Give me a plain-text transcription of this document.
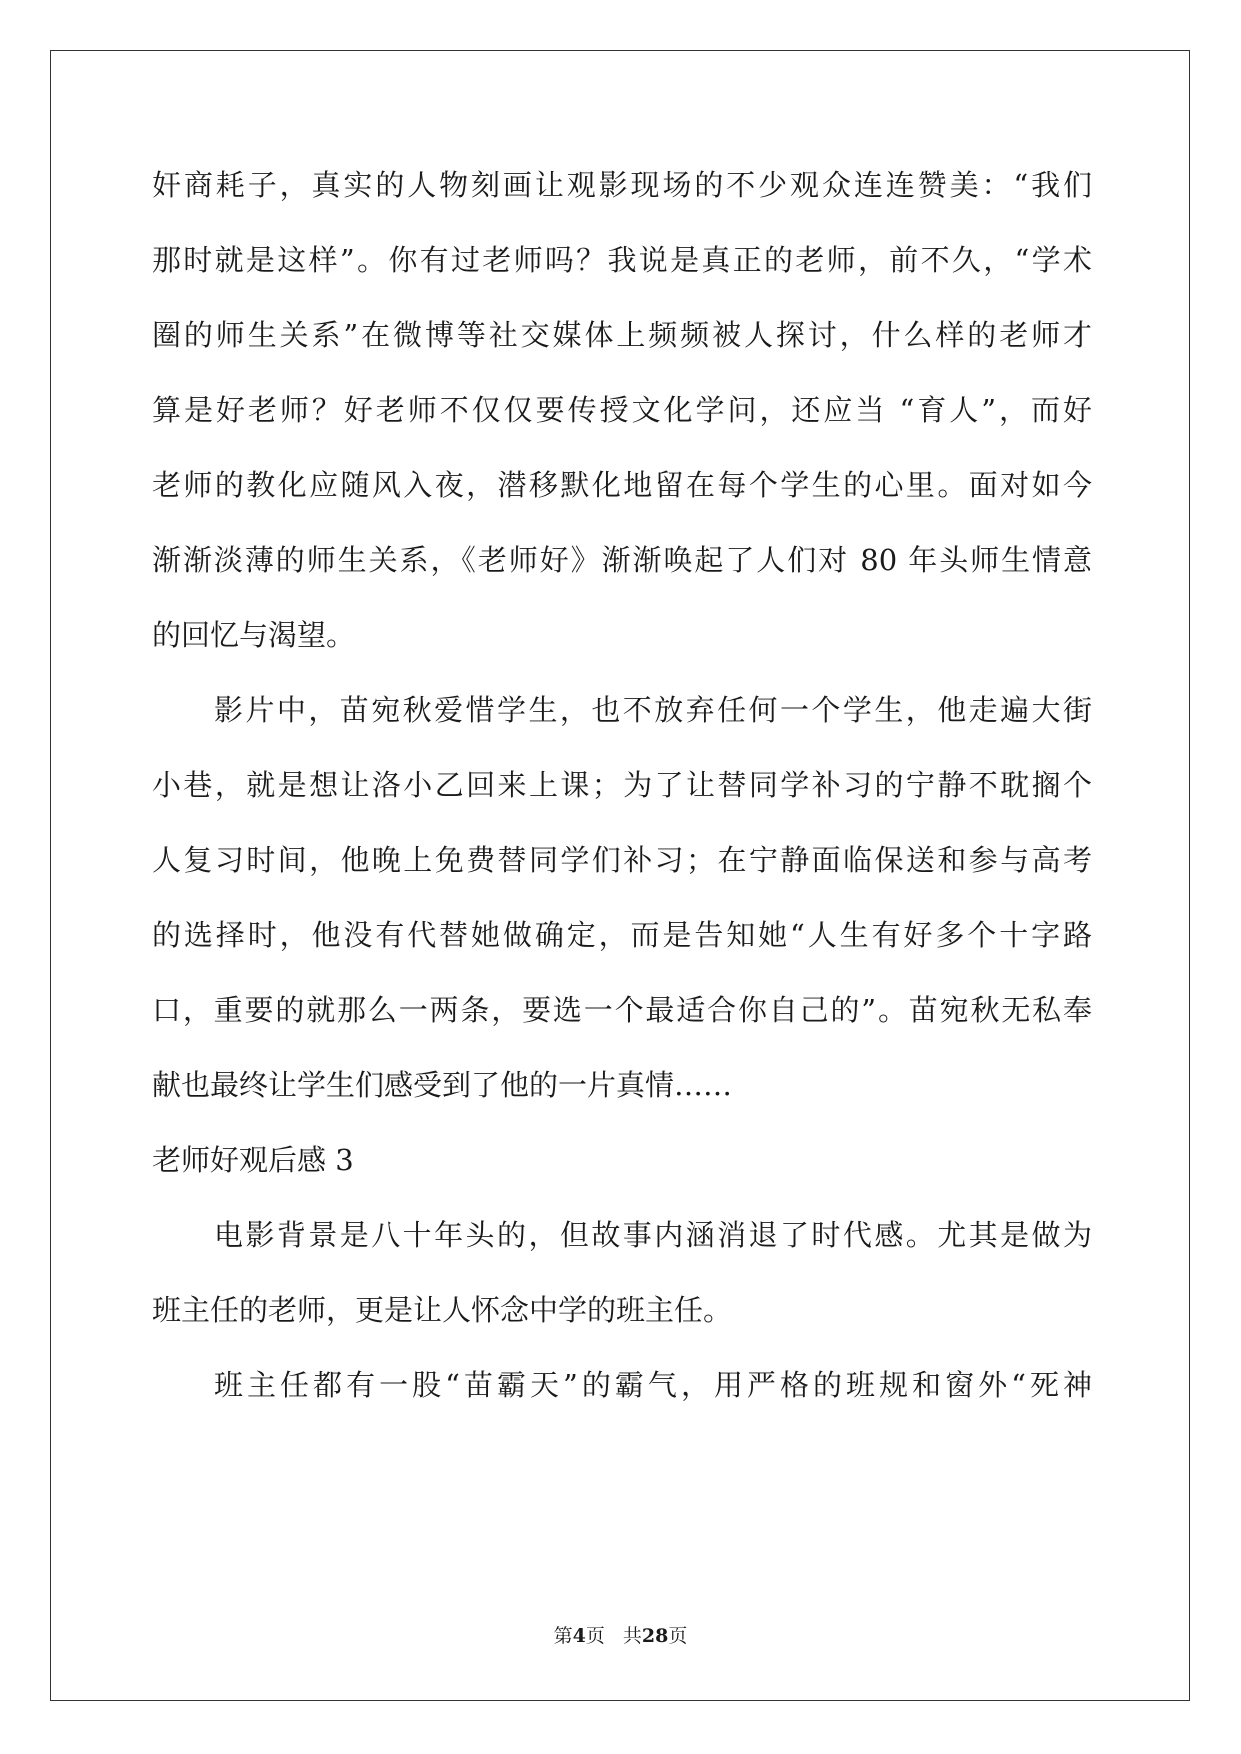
奸商耗子，真实的人物刻画让观影现场的不少观众连连赞美：“我们
那时就是这样”。你有过老师吗？我说是真正的老师，前不久，“学术
圈的师生关系”在微博等社交媒体上频频被人探讨，什么样的老师才
算是好老师？好老师不仅仅要传授文化学问，还应当 “育人”，而好
老师的教化应随风入夜，潜移默化地留在每个学生的心里。面对如今
渐渐淡薄的师生关系，《老师好》渐渐唤起了人们对 80 年头师生情意
的回忆与渴望。
影片中，苗宛秋爱惜学生，也不放弃任何一个学生，他走遍大街
小巷，就是想让洛小乙回来上课；为了让替同学补习的宁静不耽搁个
人复习时间，他晚上免费替同学们补习；在宁静面临保送和参与高考
的选择时，他没有代替她做确定，而是告知她“人生有好多个十字路
口，重要的就那么一两条，要选一个最适合你自己的”。苗宛秋无私奉
献也最终让学生们感受到了他的一片真情……
老师好观后感 3
电影背景是八十年头的，但故事内涵消退了时代感。尤其是做为
班主任的老师，更是让人怀念中学的班主任。
班主任都有一股“苗霸天”的霸气，用严格的班规和窗外“死神
第4页 共28页
